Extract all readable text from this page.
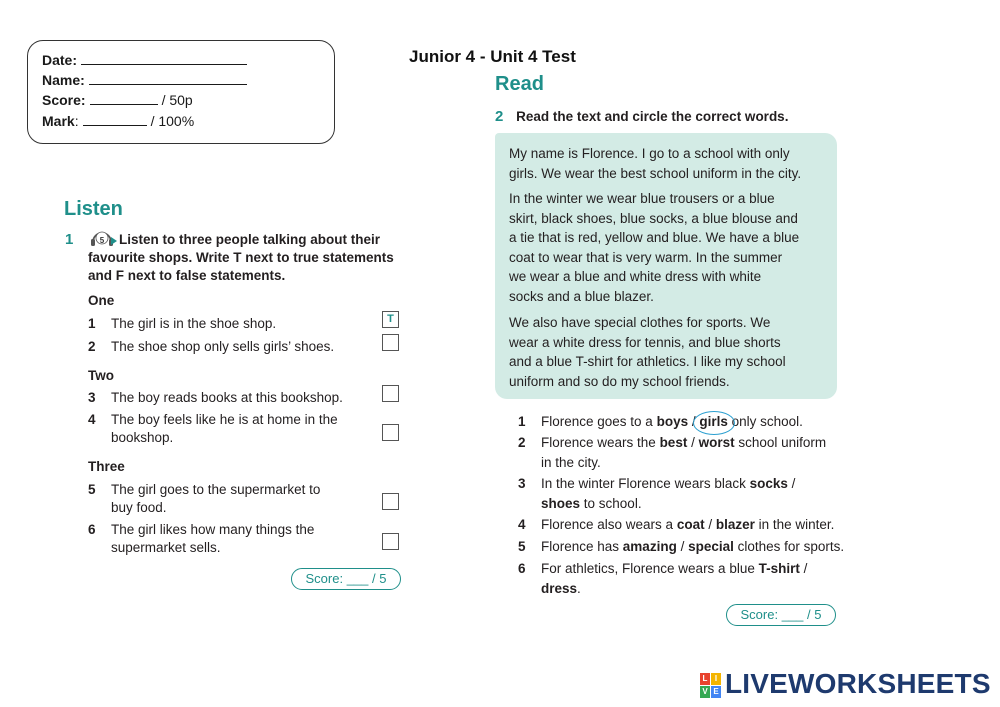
Date:
Name:
Score:	/ 50p
Mark:	/ 100%
Junior 4 - Unit 4 Test
Listen
1	5 Listen to three people talking about their
favourite shops. Write T next to true statements
and F next to false statements.
One
1 The girl is in the shoe shop.	T
2 The shoe shop only sells girls’ shoes.
Two
3 The boy reads books at this bookshop.
4 The boy feels like he is at home in the
bookshop.
Three
5 The girl goes to the supermarket to
buy food.
6 The girl likes how many things the
supermarket sells.
Score: ___ / 5
Read
2 Read the text and circle the correct words.
My name is Florence. I go to a school with only
girls. We wear the best school uniform in the city.
In the winter we wear blue trousers or a blue
skirt, black shoes, blue socks, a blue blouse and
a tie that is red, yellow and blue. We have a blue
coat to wear that is very warm. In the summer
we wear a blue and white dress with white
socks and a blue blazer.
We also have special clothes for sports. We
wear a white dress for tennis, and blue shorts
and a blue T-shirt for athletics. I like my school
uniform and so do my school friends.
1 Florence goes to a boys / girls
only school.
2 Florence wears the best / worst school uniform
in the city.
3 In the winter Florence wears black socks /
shoes to school.
4 Florence also wears a coat / blazer in the winter.
5 Florence has amazing / special clothes for sports.
6 For athletics, Florence wears a blue T-shirt /
dress.
Score: ___ / 5
L I
V E LIVEWORKSHEETS
